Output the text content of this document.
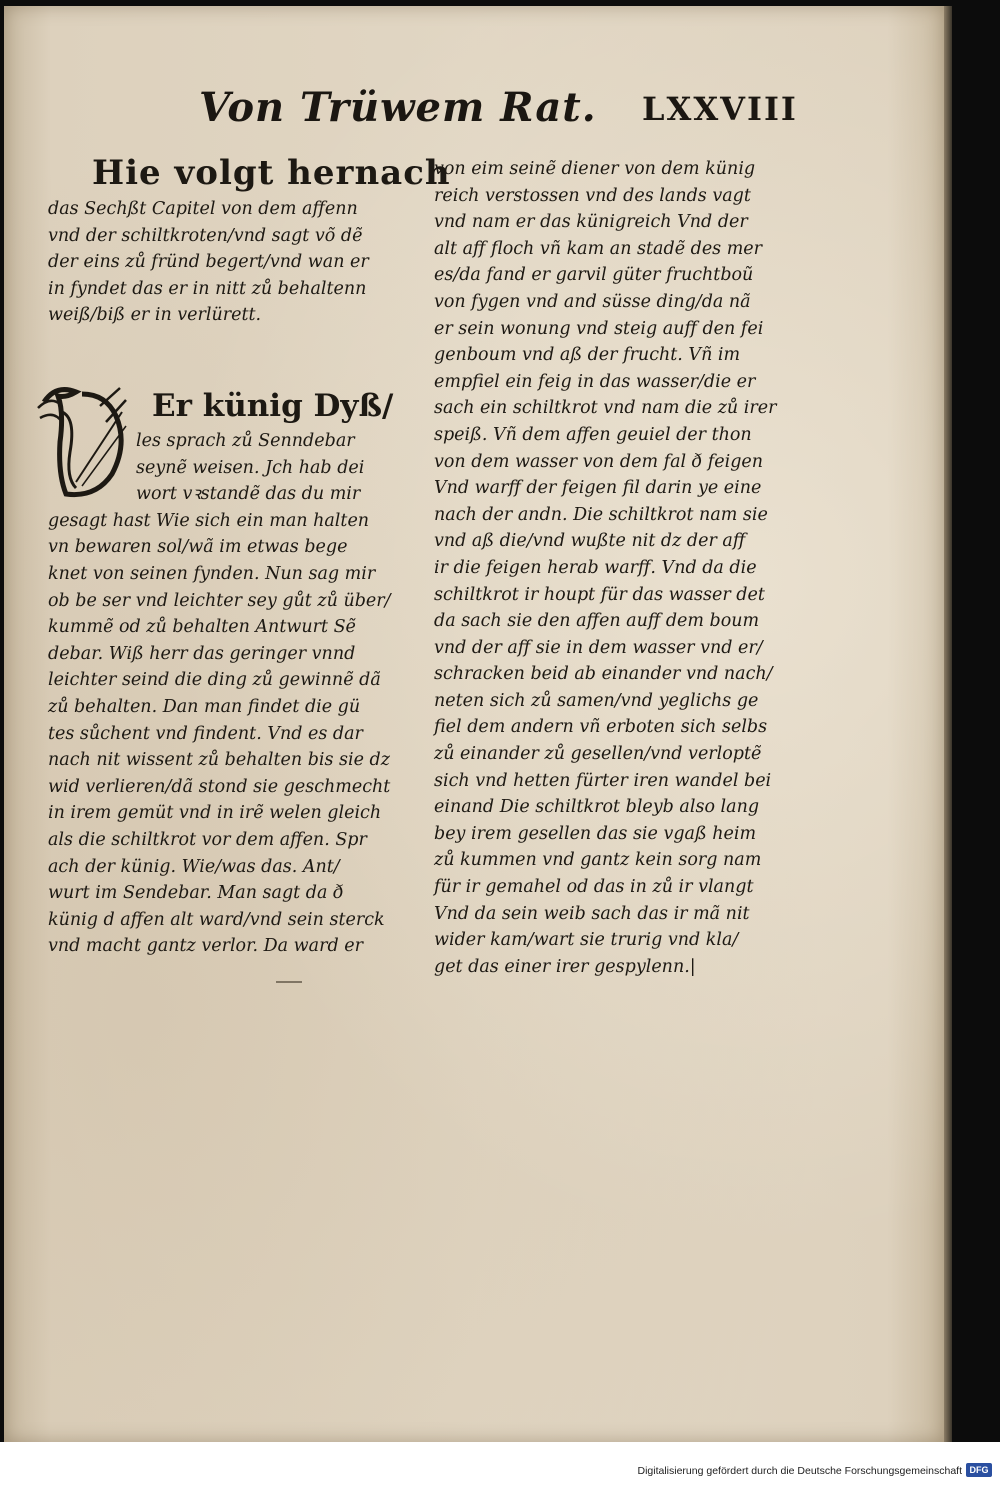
Von Trüwem Rat. LXXVIII
Hie volgt hernach
das Sechßt Capitel von dem affenn
vnd der schiltkroten/vnd sagt võ dẽ
der eins zů fründ begert/vnd wan er
in fyndet das er in nitt zů behaltenn
weiß/biß er in verlürett.
Er künig Dyß/
les sprach zů Senndebar
seynẽ weisen. Jch hab dei
wort vꝛstandẽ das du mir
gesagt hast Wie sich ein man halten
vn bewaren sol/wã im etwas bege
knet von seinen fynden. Nun sag mir
ob be ser vnd leichter sey gůt zů über/
kummẽ od zů behalten Antwurt Sẽ
debar. Wiß herr das geringer vnnd
leichter seind die ding zů gewinnẽ dã
zů behalten. Dan man findet die gü
tes sůchent vnd findent. Vnd es dar
nach nit wissent zů behalten bis sie dz
wid verlieren/dã stond sie geschmecht
in irem gemüt vnd in irẽ welen gleich
als die schiltkrot vor dem affen. Spr
ach der künig. Wie/was das. Ant/
wurt im Sendebar. Man sagt da ð
künig d affen alt ward/vnd sein sterck
vnd macht gantz verlor. Da ward er
von eim seinẽ diener von dem künig
reich verstossen vnd des lands vagt
vnd nam er das künigreich Vnd der
alt aff floch vñ kam an stadẽ des mer
es/da fand er garvil güter fruchtboũ
von fygen vnd and süsse ding/da nã
er sein wonung vnd steig auff den fei
genboum vnd aß der frucht. Vñ im
empfiel ein feig in das wasser/die er
sach ein schiltkrot vnd nam die zů irer
speiß. Vñ dem affen geuiel der thon
von dem wasser von dem fal ð feigen
Vnd warff der feigen fil darin ye eine
nach der andn. Die schiltkrot nam sie
vnd aß die/vnd wußte nit dz der aff
ir die feigen herab warff. Vnd da die
schiltkrot ir houpt für das wasser det
da sach sie den affen auff dem boum
vnd der aff sie in dem wasser vnd er/
schracken beid ab einander vnd nach/
neten sich zů samen/vnd yeglichs ge
fiel dem andern vñ erboten sich selbs
zů einander zů gesellen/vnd verloptẽ
sich vnd hetten fürter iren wandel bei
einand Die schiltkrot bleyb also lang
bey irem gesellen das sie vgaß heim
zů kummen vnd gantz kein sorg nam
für ir gemahel od das in zů ir vlangt
Vnd da sein weib sach das ir mã nit
wider kam/wart sie trurig vnd kla/
get das einer irer gespylenn.|
Digitalisierung gefördert durch die Deutsche Forschungsgemeinschaft DFG
